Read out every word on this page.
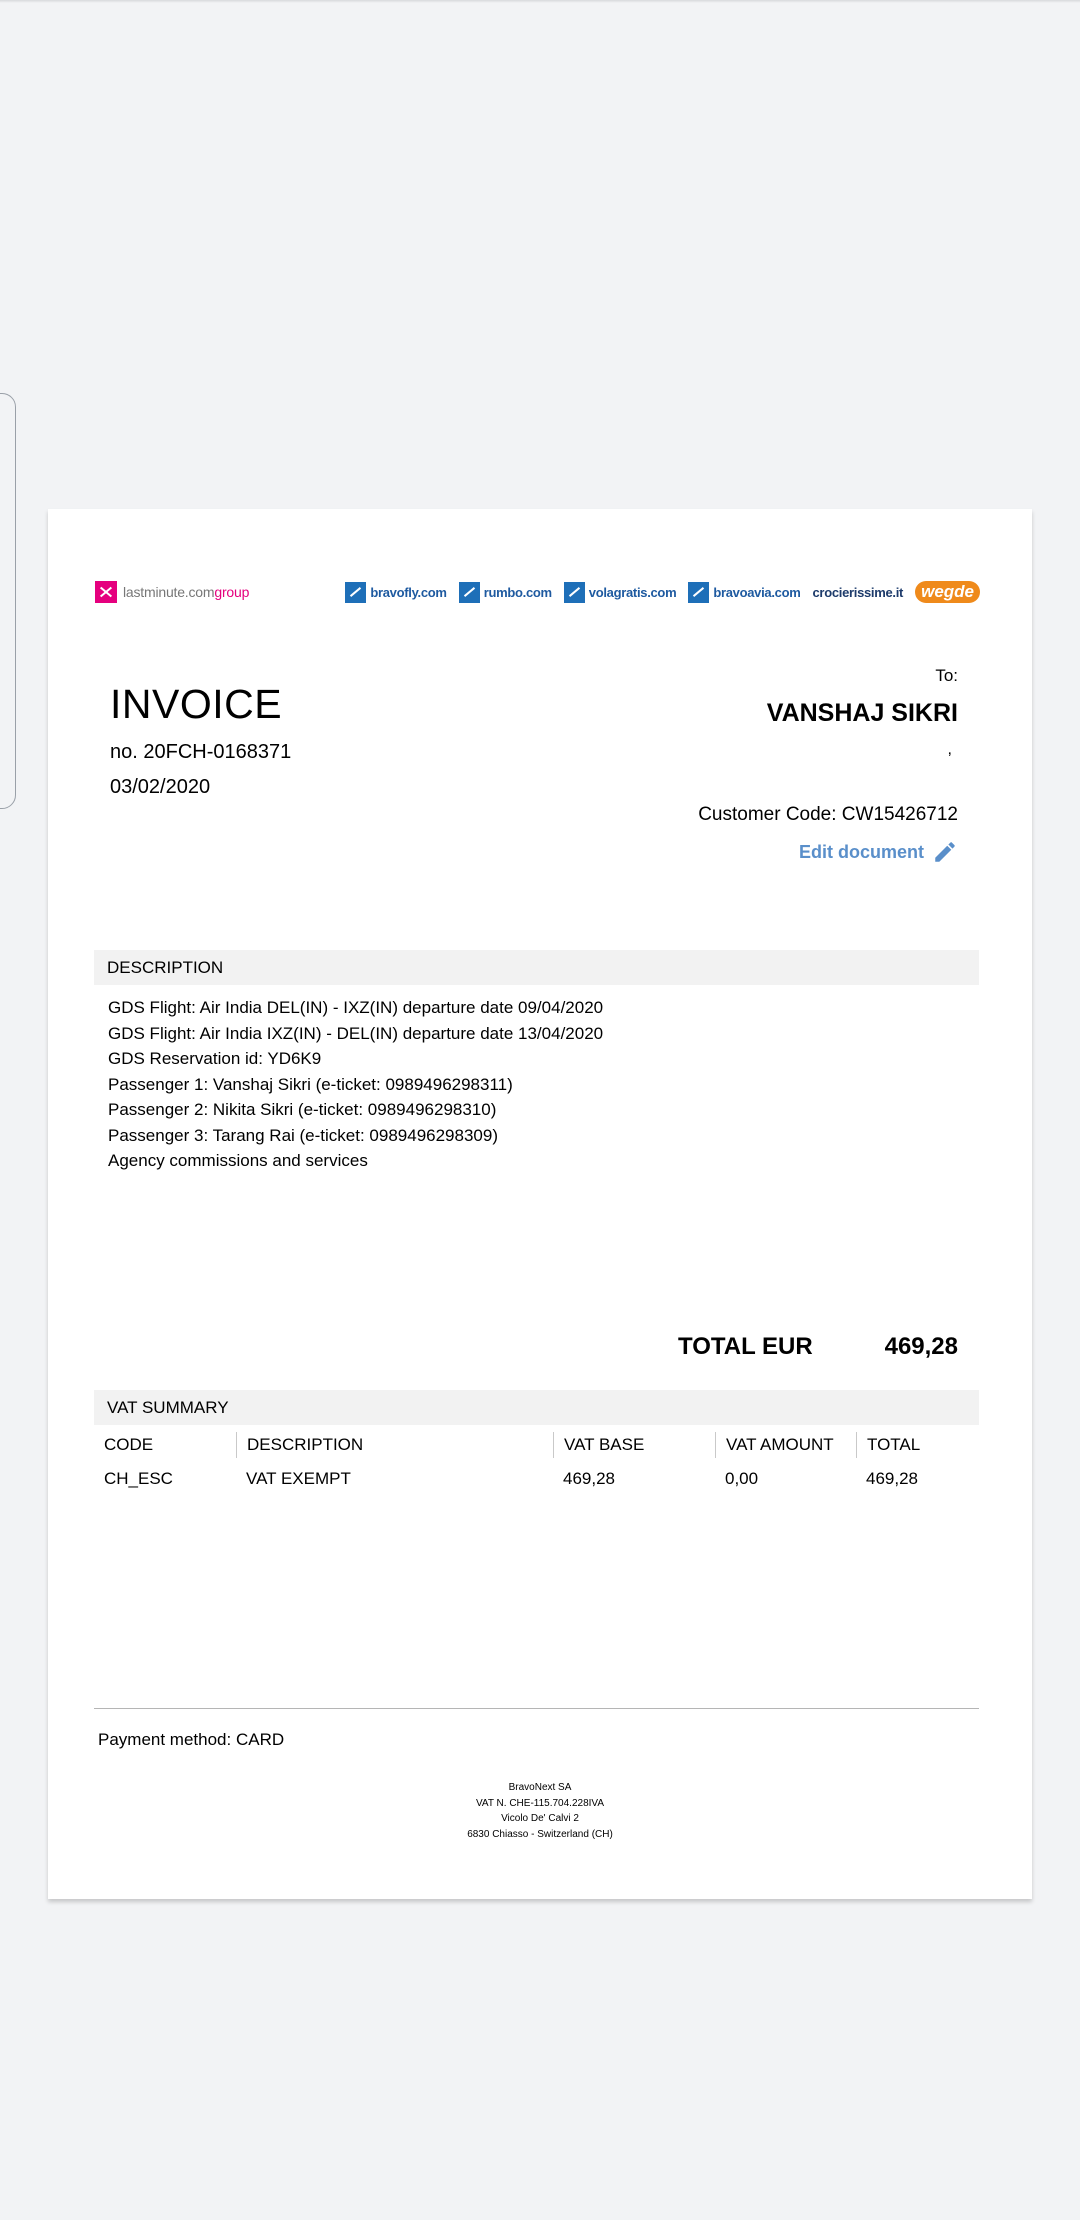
lastminute.comgroup	bravofly.com	rumbo.com	volagratis.com	bravoavia.com crocierissime.it	wegde
INVOICE
no. 20FCH-0168371
03/02/2020
To:
VANSHAJ SIKRI
,
Customer Code: CW15426712
Edit document
DESCRIPTION
GDS Flight: Air India DEL(IN) - IXZ(IN) departure date 09/04/2020
GDS Flight: Air India IXZ(IN) - DEL(IN) departure date 13/04/2020
GDS Reservation id: YD6K9
Passenger 1: Vanshaj Sikri (e-ticket: 0989496298311)
Passenger 2: Nikita Sikri (e-ticket: 0989496298310)
Passenger 3: Tarang Rai (e-ticket: 0989496298309)
Agency commissions and services
TOTAL EUR	469,28
VAT SUMMARY
CODE	DESCRIPTION	VAT BASE	VAT AMOUNT	TOTAL
CH_ESC	VAT EXEMPT	469,28	0,00	469,28
Payment method: CARD
BravoNext SA
VAT N. CHE-115.704.228IVA
Vicolo De' Calvi 2
6830 Chiasso - Switzerland (CH)
